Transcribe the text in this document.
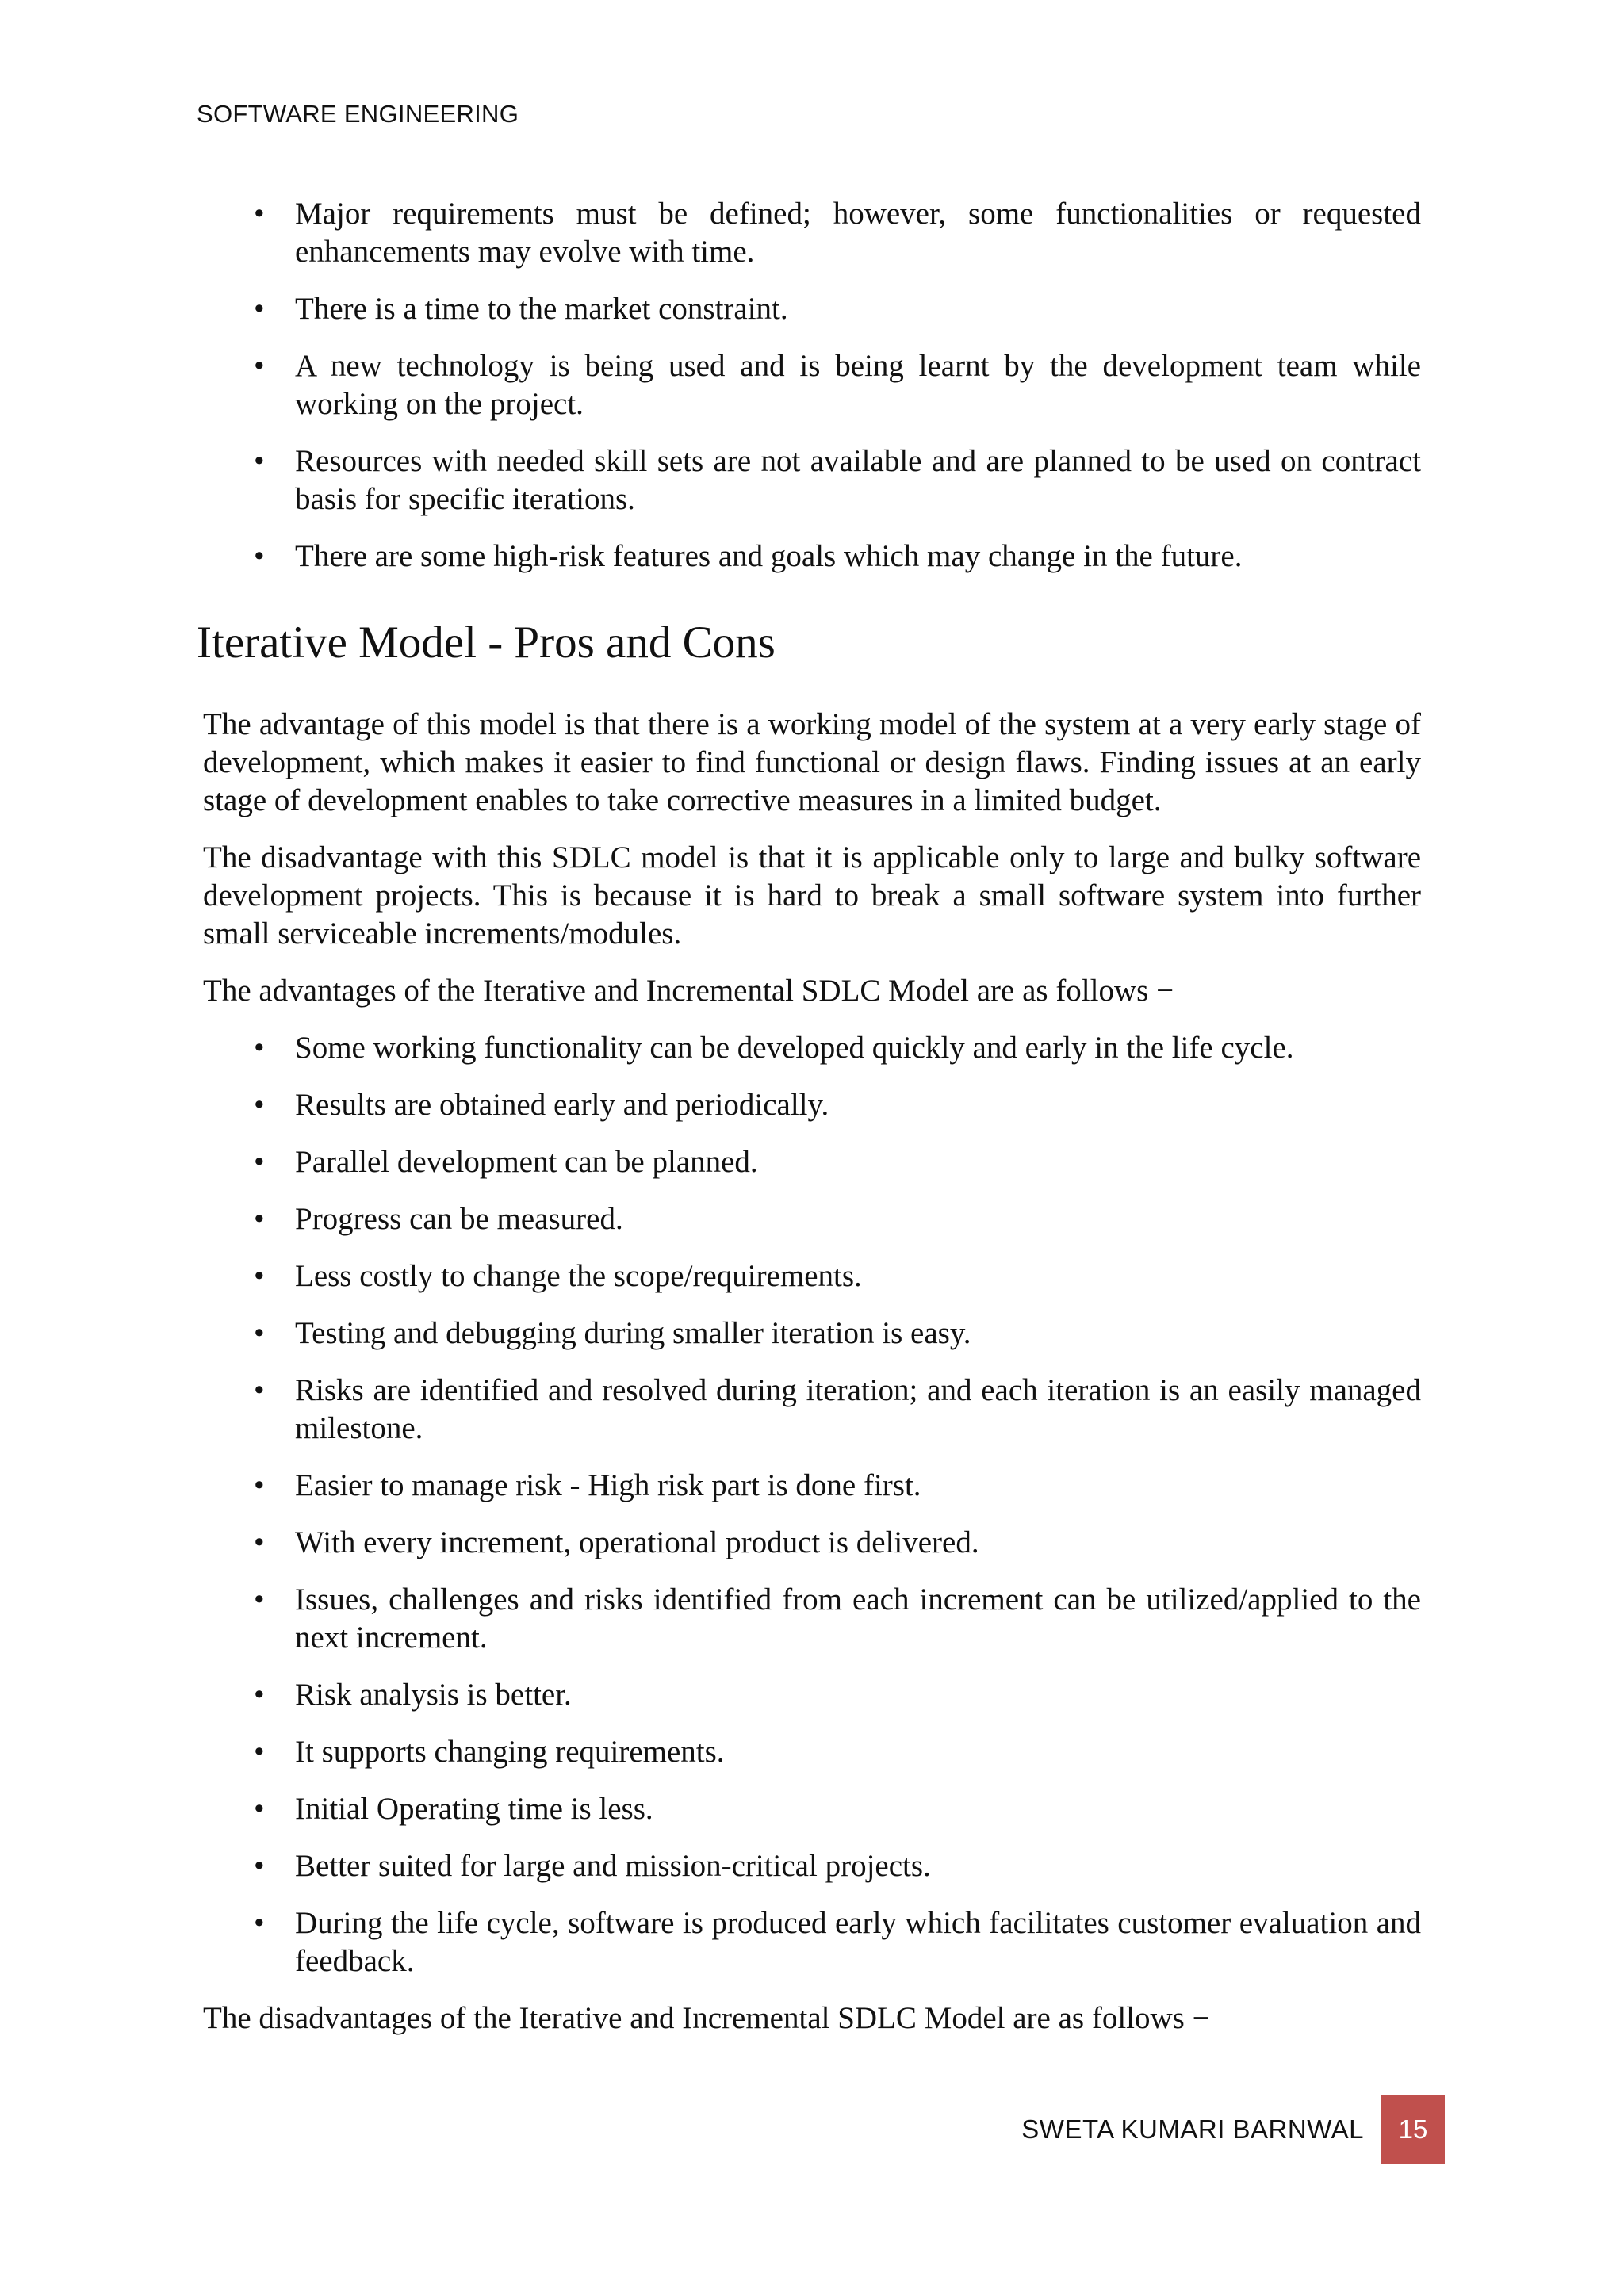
SOFTWARE ENGINEERING
• Major requirements must be defined; however, some functionalities or requested enhancements may evolve with time.
• There is a time to the market constraint.
• A new technology is being used and is being learnt by the development team while working on the project.
• Resources with needed skill sets are not available and are planned to be used on contract basis for specific iterations.
• There are some high-risk features and goals which may change in the future.
Iterative Model - Pros and Cons

The advantage of this model is that there is a working model of the system at a very early stage of development, which makes it easier to find functional or design flaws. Finding issues at an early stage of development enables to take corrective measures in a limited budget.

The disadvantage with this SDLC model is that it is applicable only to large and bulky software development projects. This is because it is hard to break a small software system into further small serviceable increments/modules.

The advantages of the Iterative and Incremental SDLC Model are as follows −

• Some working functionality can be developed quickly and early in the life cycle.
• Results are obtained early and periodically.
• Parallel development can be planned.
• Progress can be measured.
• Less costly to change the scope/requirements.
• Testing and debugging during smaller iteration is easy.
• Risks are identified and resolved during iteration; and each iteration is an easily managed milestone.
• Easier to manage risk - High risk part is done first.
• With every increment, operational product is delivered.
• Issues, challenges and risks identified from each increment can be utilized/applied to the next increment.
• Risk analysis is better.
• It supports changing requirements.
• Initial Operating time is less.
• Better suited for large and mission-critical projects.
• During the life cycle, software is produced early which facilitates customer evaluation and feedback.

The disadvantages of the Iterative and Incremental SDLC Model are as follows −

SWETA KUMARI BARNWAL	15
